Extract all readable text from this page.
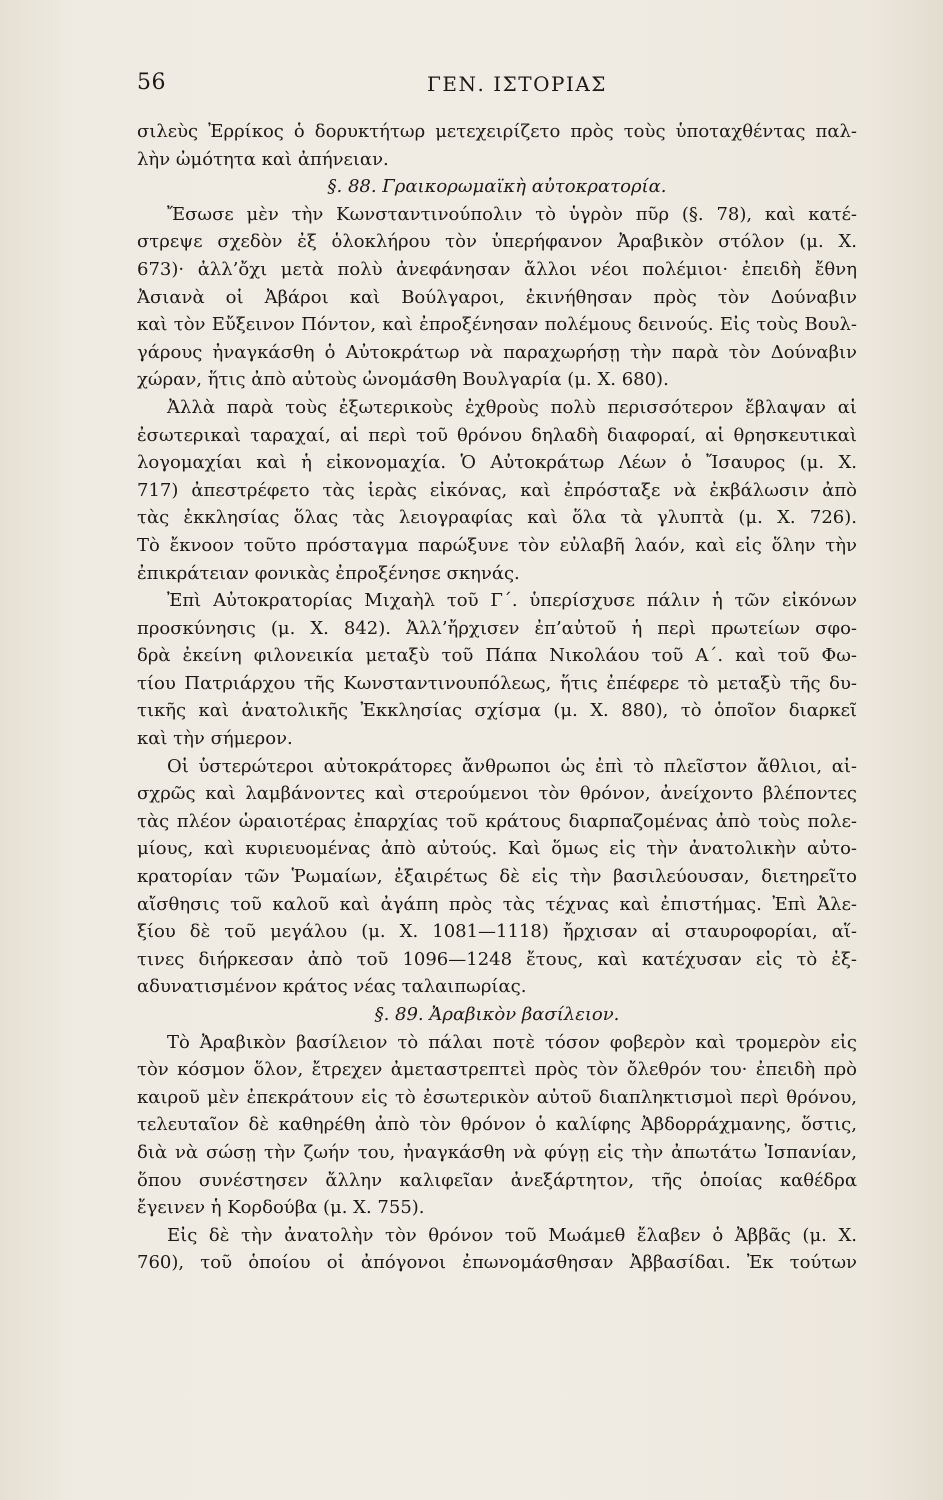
56	ΓΕΝ. ΙΣΤΟΡΙΑΣ
σιλεὺς Ἐρρίκος ὁ δορυκτήτωρ μετεχειρίζετο πρὸς τοὺς ὑποταχθέντας παλ-
λὴν ὠμότητα καὶ ἀπήνειαν.
§. 88. Γραικορωμαϊκὴ αὐτοκρατορία.
Ἔσωσε μὲν τὴν Κωνσταντινούπολιν τὸ ὑγρὸν πῦρ (§. 78), καὶ κατέ-
στρεψε σχεδὸν ἐξ ὁλοκλήρου τὸν ὑπερήφανον Ἀραβικὸν στόλον (μ. Χ.
673)· ἀλλ’ὄχι μετὰ πολὺ ἀνεφάνησαν ἄλλοι νέοι πολέμιοι· ἐπειδὴ ἔθνη
Ἀσιανὰ οἱ Ἀβάροι καὶ Βούλγαροι, ἐκινήθησαν πρὸς τὸν Δούναβιν
καὶ τὸν Εὔξεινον Πόντον, καὶ ἐπροξένησαν πολέμους δεινούς. Εἰς τοὺς Βουλ-
γάρους ἠναγκάσθη ὁ Αὐτοκράτωρ νὰ παραχωρήσῃ τὴν παρὰ τὸν Δούναβιν
χώραν, ἥτις ἀπὸ αὐτοὺς ὠνομάσθη Βουλγαρία (μ. Χ. 680).
Ἀλλὰ παρὰ τοὺς ἐξωτερικοὺς ἐχθροὺς πολὺ περισσότερον ἔβλαψαν αἱ
ἐσωτερικαὶ ταραχαί, αἱ περὶ τοῦ θρόνου δηλαδὴ διαφοραί, αἱ θρησκευτικαὶ
λογομαχίαι καὶ ἡ εἰκονομαχία. Ὁ Αὐτοκράτωρ Λέων ὁ Ἴσαυρος (μ. Χ.
717) ἀπεστρέφετο τὰς ἱερὰς εἰκόνας, καὶ ἐπρόσταξε νὰ ἐκβάλωσιν ἀπὸ
τὰς ἐκκλησίας ὅλας τὰς λειογραφίας καὶ ὅλα τὰ γλυπτὰ (μ. Χ. 726).
Τὸ ἔκνοον τοῦτο πρόσταγμα παρώξυνε τὸν εὐλαβῆ λαόν, καὶ εἰς ὅλην τὴν
ἐπικράτειαν φονικὰς ἐπροξένησε σκηνάς.
Ἐπὶ Αὐτοκρατορίας Μιχαὴλ τοῦ Γ΄. ὑπερίσχυσε πάλιν ἡ τῶν εἰκόνων
προσκύνησις (μ. Χ. 842). Ἀλλ’ἤρχισεν ἐπ’αὐτοῦ ἡ περὶ πρωτείων σφο-
δρὰ ἐκείνη φιλονεικία μεταξὺ τοῦ Πάπα Νικολάου τοῦ Α΄. καὶ τοῦ Φω-
τίου Πατριάρχου τῆς Κωνσταντινουπόλεως, ἥτις ἐπέφερε τὸ μεταξὺ τῆς δυ-
τικῆς καὶ ἀνατολικῆς Ἐκκλησίας σχίσμα (μ. Χ. 880), τὸ ὁποῖον διαρκεῖ
καὶ τὴν σήμερον.
Οἱ ὑστερώτεροι αὐτοκράτορες ἄνθρωποι ὡς ἐπὶ τὸ πλεῖστον ἄθλιοι, αἰ-
σχρῶς καὶ λαμβάνοντες καὶ στερούμενοι τὸν θρόνον, ἀνείχοντο βλέποντες
τὰς πλέον ὡραιοτέρας ἐπαρχίας τοῦ κράτους διαρπαζομένας ἀπὸ τοὺς πολε-
μίους, καὶ κυριευομένας ἀπὸ αὐτούς. Καὶ ὅμως εἰς τὴν ἀνατολικὴν αὐτο-
κρατορίαν τῶν Ῥωμαίων, ἐξαιρέτως δὲ εἰς τὴν βασιλεύουσαν, διετηρεῖτο
αἴσθησις τοῦ καλοῦ καὶ ἀγάπη πρὸς τὰς τέχνας καὶ ἐπιστήμας. Ἐπὶ Ἀλε-
ξίου δὲ τοῦ μεγάλου (μ. Χ. 1081—1118) ἤρχισαν αἱ σταυροφορίαι, αἵ-
τινες διήρκεσαν ἀπὸ τοῦ 1096—1248 ἔτους, καὶ κατέχυσαν εἰς τὸ ἐξ-
αδυνατισμένον κράτος νέας ταλαιπωρίας.
§. 89. Ἀραβικὸν βασίλειον.
Τὸ Ἀραβικὸν βασίλειον τὸ πάλαι ποτὲ τόσον φοβερὸν καὶ τρομερὸν εἰς
τὸν κόσμον ὅλον, ἔτρεχεν ἀμεταστρεπτεὶ πρὸς τὸν ὄλεθρόν του· ἐπειδὴ πρὸ
καιροῦ μὲν ἐπεκράτουν εἰς τὸ ἐσωτερικὸν αὐτοῦ διαπληκτισμοὶ περὶ θρόνου,
τελευταῖον δὲ καθηρέθη ἀπὸ τὸν θρόνον ὁ καλίφης Ἀβδορράχμανης, ὅστις,
διὰ νὰ σώσῃ τὴν ζωήν του, ἠναγκάσθη νὰ φύγῃ εἰς τὴν ἀπωτάτω Ἰσπανίαν,
ὅπου συνέστησεν ἄλλην καλιφεῖαν ἀνεξάρτητον, τῆς ὁποίας καθέδρα
ἔγεινεν ἡ Κορδούβα (μ. Χ. 755).
Εἰς δὲ τὴν ἀνατολὴν τὸν θρόνον τοῦ Μωάμεθ ἔλαβεν ὁ Ἀββᾶς (μ. Χ.
760), τοῦ ὁποίου οἱ ἀπόγονοι ἐπωνομάσθησαν Ἀββασίδαι. Ἐκ τούτων
